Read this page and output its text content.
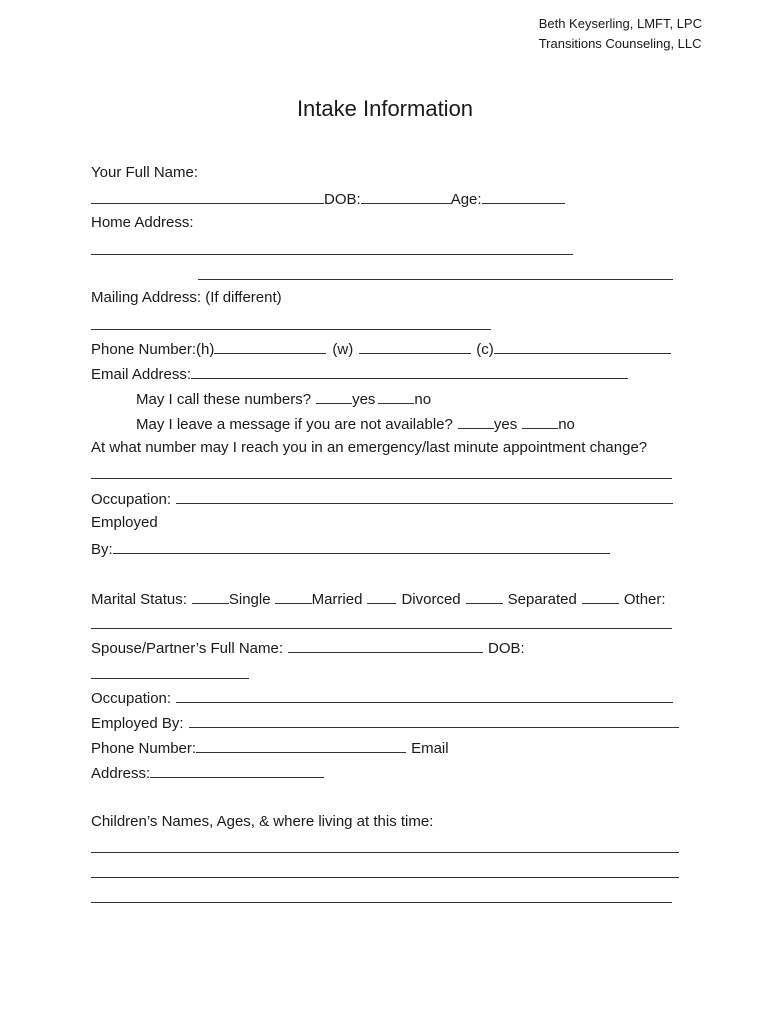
Beth Keyserling, LMFT, LPC
Transitions Counseling, LLC
Intake Information
Your Full Name:
DOB:	Age:
Home Address:
Mailing Address: (If different)
Phone Number:(h)	(w)	(c)
Email Address:
May I call these numbers?	yes	no
May I leave a message if you are not available?	yes	no
At what number may I reach you in an emergency/last minute appointment change?
Occupation:
Employed
By:
Marital Status:	Single	Married	Divorced	Separated	Other:
Spouse/Partner’s Full Name:	DOB:
Occupation:
Employed By:
Phone Number:	Email
Address:
Children’s Names, Ages, & where living at this time:
